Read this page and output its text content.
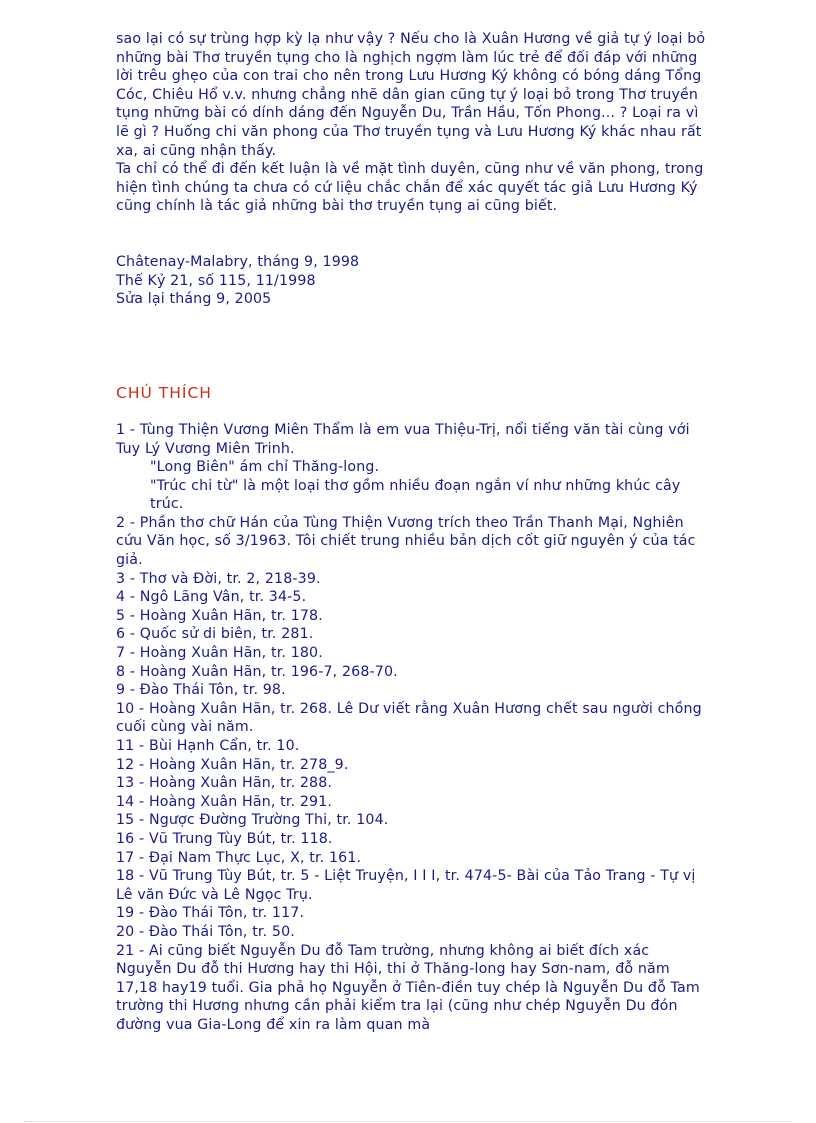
sao lại có sự trùng hợp kỳ lạ như vậy ? Nếu cho là Xuân Hương về giả tự ý loại bỏ những bài Thơ truyền tụng cho là nghịch ngợm làm lúc trẻ để đối đáp với những lời trêu ghẹo của con trai cho nên trong Lưu Hương Ký không có bóng dáng Tổng Cóc, Chiêu Hổ v.v. nhưng chẳng nhẽ dân gian cũng tự ý loại bỏ trong Thơ truyền tụng những bài có dính dáng đến Nguyễn Du, Trần Hầu, Tốn Phong... ? Loại ra vì lẽ gì ? Huống chi văn phong của Thơ truyền tụng và Lưu Hương Ký khác nhau rất xa, ai cũng nhận thấy.

Ta chỉ có thể đi đến kết luận là về mặt tình duyên, cũng như về văn phong, trong hiện tình chúng ta chưa có cứ liệu chắc chắn để xác quyết tác giả Lưu Hương Ký cũng chính là tác giả những bài thơ truyền tụng ai cũng biết.

Châtenay-Malabry, tháng 9, 1998

Thế Kỷ 21, số 115, 11/1998

Sửa lại tháng 9, 2005

CHÚ THÍCH

1 - Tùng Thiện Vương Miên Thẩm là em vua Thiệu-Trị, nổi tiếng văn tài cùng với Tuy Lý Vương Miên Trinh.

"Long Biên" ám chỉ Thăng-long.

"Trúc chi từ" là một loại thơ gồm nhiều đoạn ngắn ví như những khúc cây trúc.

2 - Phần thơ chữ Hán của Tùng Thiện Vương trích theo Trần Thanh Mại, Nghiên cứu Văn học, số 3/1963. Tôi chiết trung nhiều bản dịch cốt giữ nguyên ý của tác giả.

3 - Thơ và Đời, tr. 2, 218-39.

4 - Ngô Lãng Vân, tr. 34-5.

5 - Hoàng Xuân Hãn, tr. 178.

6 - Quốc sử di biên, tr. 281.

7 - Hoàng Xuân Hãn, tr. 180.

8 - Hoàng Xuân Hãn, tr. 196-7, 268-70.

9 - Đào Thái Tôn, tr. 98.

10 - Hoàng Xuân Hãn, tr. 268. Lê Dư viết rằng Xuân Hương chết sau người chồng cuối cùng vài năm.

11 - Bùi Hạnh Cẩn, tr. 10.

12 - Hoàng Xuân Hãn, tr. 278_9.

13 - Hoàng Xuân Hãn, tr. 288.

14 - Hoàng Xuân Hãn, tr. 291.

15 - Ngược Đường Trường Thi, tr. 104.

16 - Vũ Trung Tùy Bút, tr. 118.

17 - Đại Nam Thực Lục, X, tr. 161.

18 - Vũ Trung Tùy Bút, tr. 5 - Liệt Truyện, I I I, tr. 474-5- Bài của Tảo Trang - Tự vị Lê văn Đức và Lê Ngọc Trụ.

19 - Đào Thái Tôn, tr. 117.

20 - Đào Thái Tôn, tr. 50.

21 - Ai cũng biết Nguyễn Du đỗ Tam trường, nhưng không ai biết đích xác Nguyễn Du đỗ thi Hương hay thi Hội, thi ở Thăng-long hay Sơn-nam, đỗ năm 17,18 hay19 tuổi. Gia phả họ Nguyễn ở Tiên-điền tuy chép là Nguyễn Du đỗ Tam trường thi Hương nhưng cần phải kiểm tra lại (cũng như chép Nguyễn Du đón đường vua Gia-Long để xin ra làm quan mà
